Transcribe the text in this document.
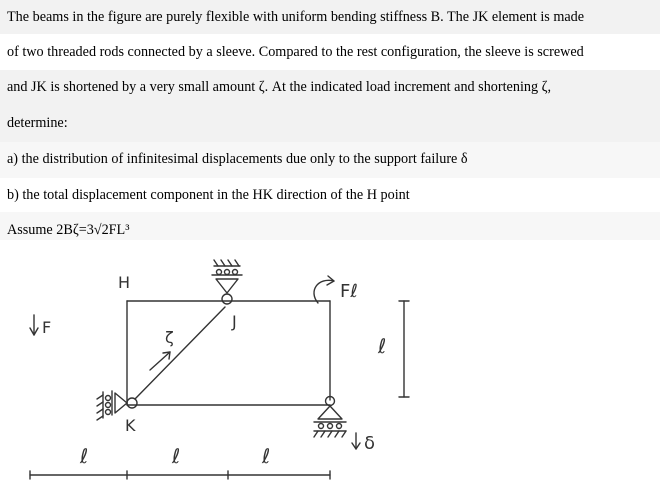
The beams in the figure are purely flexible with uniform bending stiffness B. The JK element is made
of two threaded rods connected by a sleeve. Compared to the rest configuration, the sleeve is screwed
and JK is shortened by a very small amount ζ. At the indicated load increment and shortening ζ,
determine:
a) the distribution of infinitesimal displacements due only to the support failure δ
b) the total displacement component in the HK direction of the H point
Assume 2Bζ=3√2FL³
H
J
K
F
Fℓ
ζ	ℓ
ℓ	ℓ	ℓ
δ
